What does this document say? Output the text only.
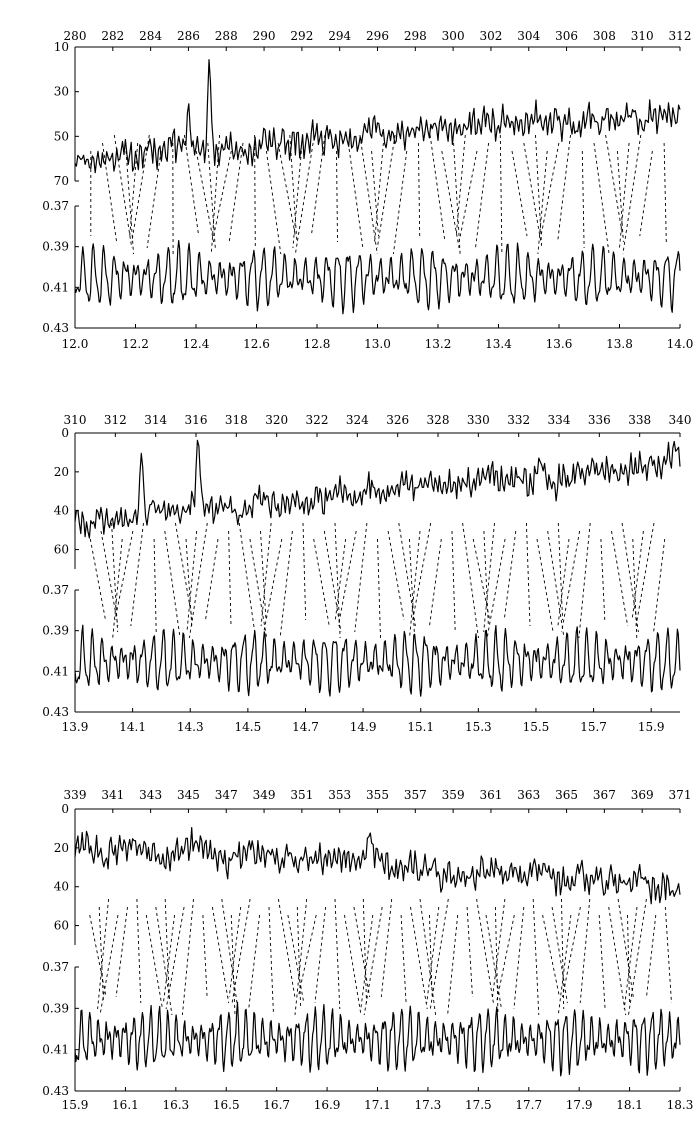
280 282 284 286 288 290 292 294 296 298 300 302 304 306 308 310 312
12.0	12.2	12.4	12.6	12.8	13.0	13.2	13.4	13.6	13.8	14.0
10
30
50
70
0.37
0.39
0.41
0.43
310 312 314 316 318 320 322 324 326 328 330 332 334 336 338 340
13.9	14.1	14.3	14.5	14.7	14.9	15.1	15.3	15.5	15.7	15.9
0
20
40
60
0.37
0.39
0.41
0.43
339 341 343 345 347 349 351 353 355 357 359 361 363 365 367 369 371
15.9 16.1 16.3 16.5 16.7 16.9 17.1 17.3 17.5 17.7 17.9 18.1 18.3
0
20
40
60
0.37
0.39
0.41
0.43
